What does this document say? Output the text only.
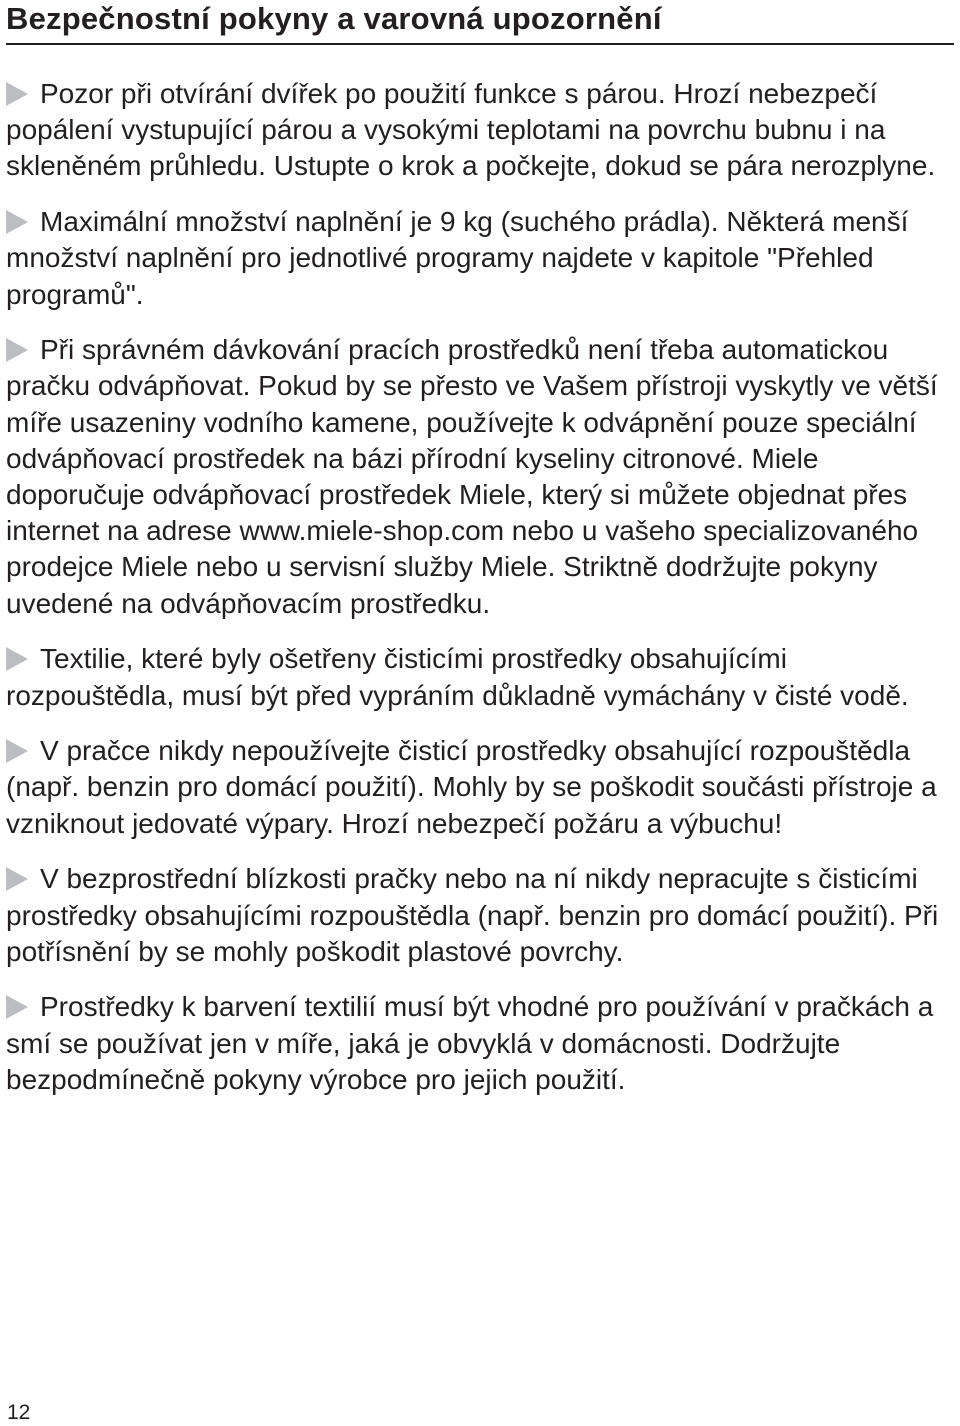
Bezpečnostní pokyny a varovná upozornění

Pozor při otvírání dvířek po použití funkce s párou. Hrozí nebezpečí popálení vystupující párou a vysokými teplotami na povrchu bubnu i na skleněném průhledu. Ustupte o krok a počkejte, dokud se pára nerozplyne.

Maximální množství naplnění je 9 kg (suchého prádla). Některá menší množství naplnění pro jednotlivé programy najdete v kapitole "Přehled programů".

Při správném dávkování pracích prostředků není třeba automatickou pračku odvápňovat. Pokud by se přesto ve Vašem přístroji vyskytly ve větší míře usazeniny vodního kamene, používejte k odvápnění pouze speciální odvápňovací prostředek na bázi přírodní kyseliny citronové. Miele doporučuje odvápňovací prostředek Miele, který si můžete objednat přes internet na adrese www.miele-shop.com nebo u vašeho specializovaného prodejce Miele nebo u servisní služby Miele. Striktně dodržujte pokyny uvedené na odvápňovacím prostředku.

Textilie, které byly ošetřeny čisticími prostředky obsahujícími rozpouštědla, musí být před vypráním důkladně vymáchány v čisté vodě.

V pračce nikdy nepoužívejte čisticí prostředky obsahující rozpouštědla (např. benzin pro domácí použití). Mohly by se poškodit součásti přístroje a vzniknout jedovaté výpary. Hrozí nebezpečí požáru a výbuchu!

V bezprostřední blízkosti pračky nebo na ní nikdy nepracujte s čisticími prostředky obsahujícími rozpouštědla (např. benzin pro domácí použití). Při potřísnění by se mohly poškodit plastové povrchy.

Prostředky k barvení textilií musí být vhodné pro používání v pračkách a smí se používat jen v míře, jaká je obvyklá v domácnosti. Dodržujte bezpodmínečně pokyny výrobce pro jejich použití.

12
